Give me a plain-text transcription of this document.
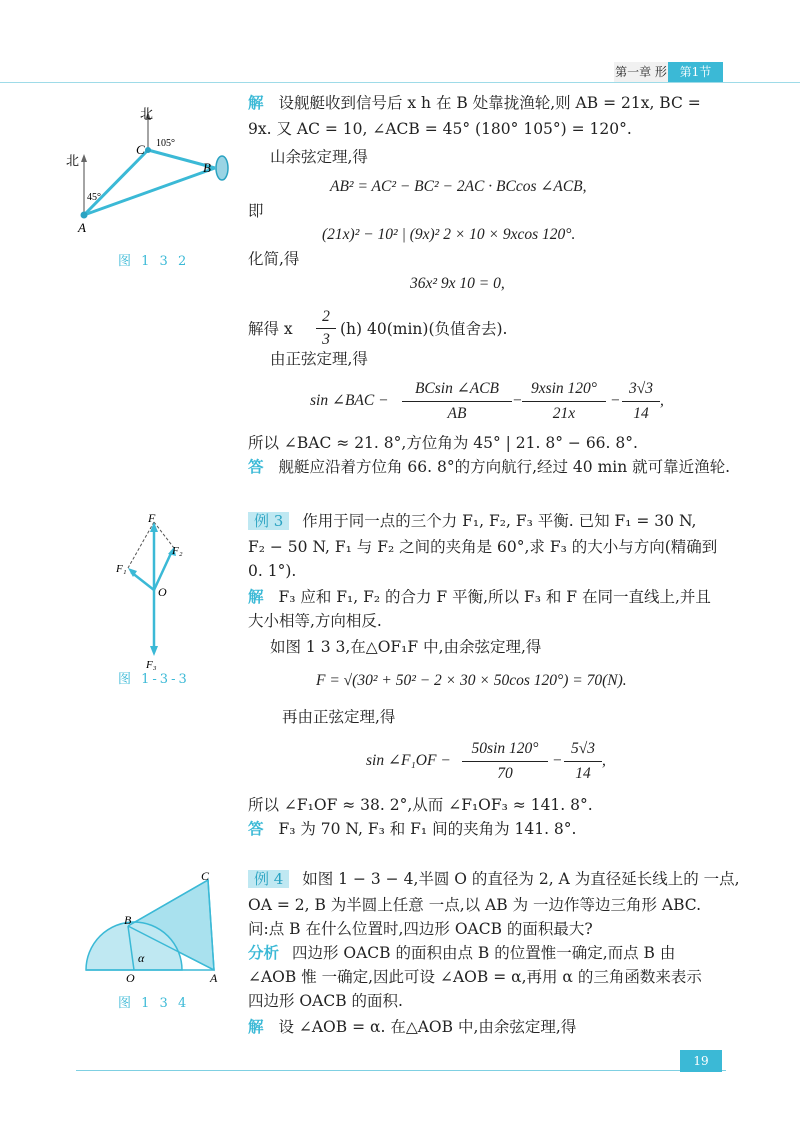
第一章 形	第1节
北
北
45°
105°
A
B
C
图 1 3 2
解 设舰艇收到信号后 x h 在 B 处靠拢渔轮,则 AB = 21x, BC =
9x. 又 AC = 10, ∠ACB = 45° (180° 105°) = 120°.
山余弦定理,得
AB² = AC² − BC² − 2AC · BCcos ∠ACB,
即
(21x)² − 10² | (9x)² 2 × 10 × 9xcos 120°.
化简,得
36x² 9x 10 = 0,
解得 x
2
3
(h) 40(min)(负值舍去).
由正弦定理,得
sin ∠BAC −
BCsin ∠ACB
AB
−
9xsin 120°
21x
−
3√3
14
,
所以 ∠BAC ≈ 21. 8°,方位角为 45° | 21. 8° − 66. 8°.
答 舰艇应沿着方位角 66. 8°的方向航行,经过 40 min 就可靠近渔轮.
F
F₁
F₂
O
F₃
图 1-3-3
例 3 作用于同一点的三个力 F₁, F₂, F₃ 平衡. 已知 F₁ = 30 N,
F₂ − 50 N, F₁ 与 F₂ 之间的夹角是 60°,求 F₃ 的大小与方向(精确到
0. 1°).
解 F₃ 应和 F₁, F₂ 的合力 F 平衡,所以 F₃ 和 F 在同一直线上,并且
大小相等,方向相反.
如图 1 3 3,在△OF₁F 中,由余弦定理,得
F = √(30² + 50² − 2 × 30 × 50cos 120°) = 70(N).
再由正弦定理,得
sin ∠F₁OF −
50sin 120°
70
−
5√3
14
,
所以 ∠F₁OF ≈ 38. 2°,从而 ∠F₁OF₃ ≈ 141. 8°.
答 F₃ 为 70 N, F₃ 和 F₁ 间的夹角为 141. 8°.
C
B
α
O	A
图 1 3 4
例 4 如图 1 − 3 − 4,半圆 O 的直径为 2, A 为直径延长线上的 一点,
OA = 2, B 为半圆上任意 一点,以 AB 为 一边作等边三角形 ABC.
问:点 B 在什么位置时,四边形 OACB 的面积最大?
分析 四边形 OACB 的面积由点 B 的位置惟一确定,而点 B 由
∠AOB 惟 一确定,因此可设 ∠AOB = α,再用 α 的三角函数来表示
四边形 OACB 的面积.
解 设 ∠AOB = α. 在△AOB 中,由余弦定理,得
19
